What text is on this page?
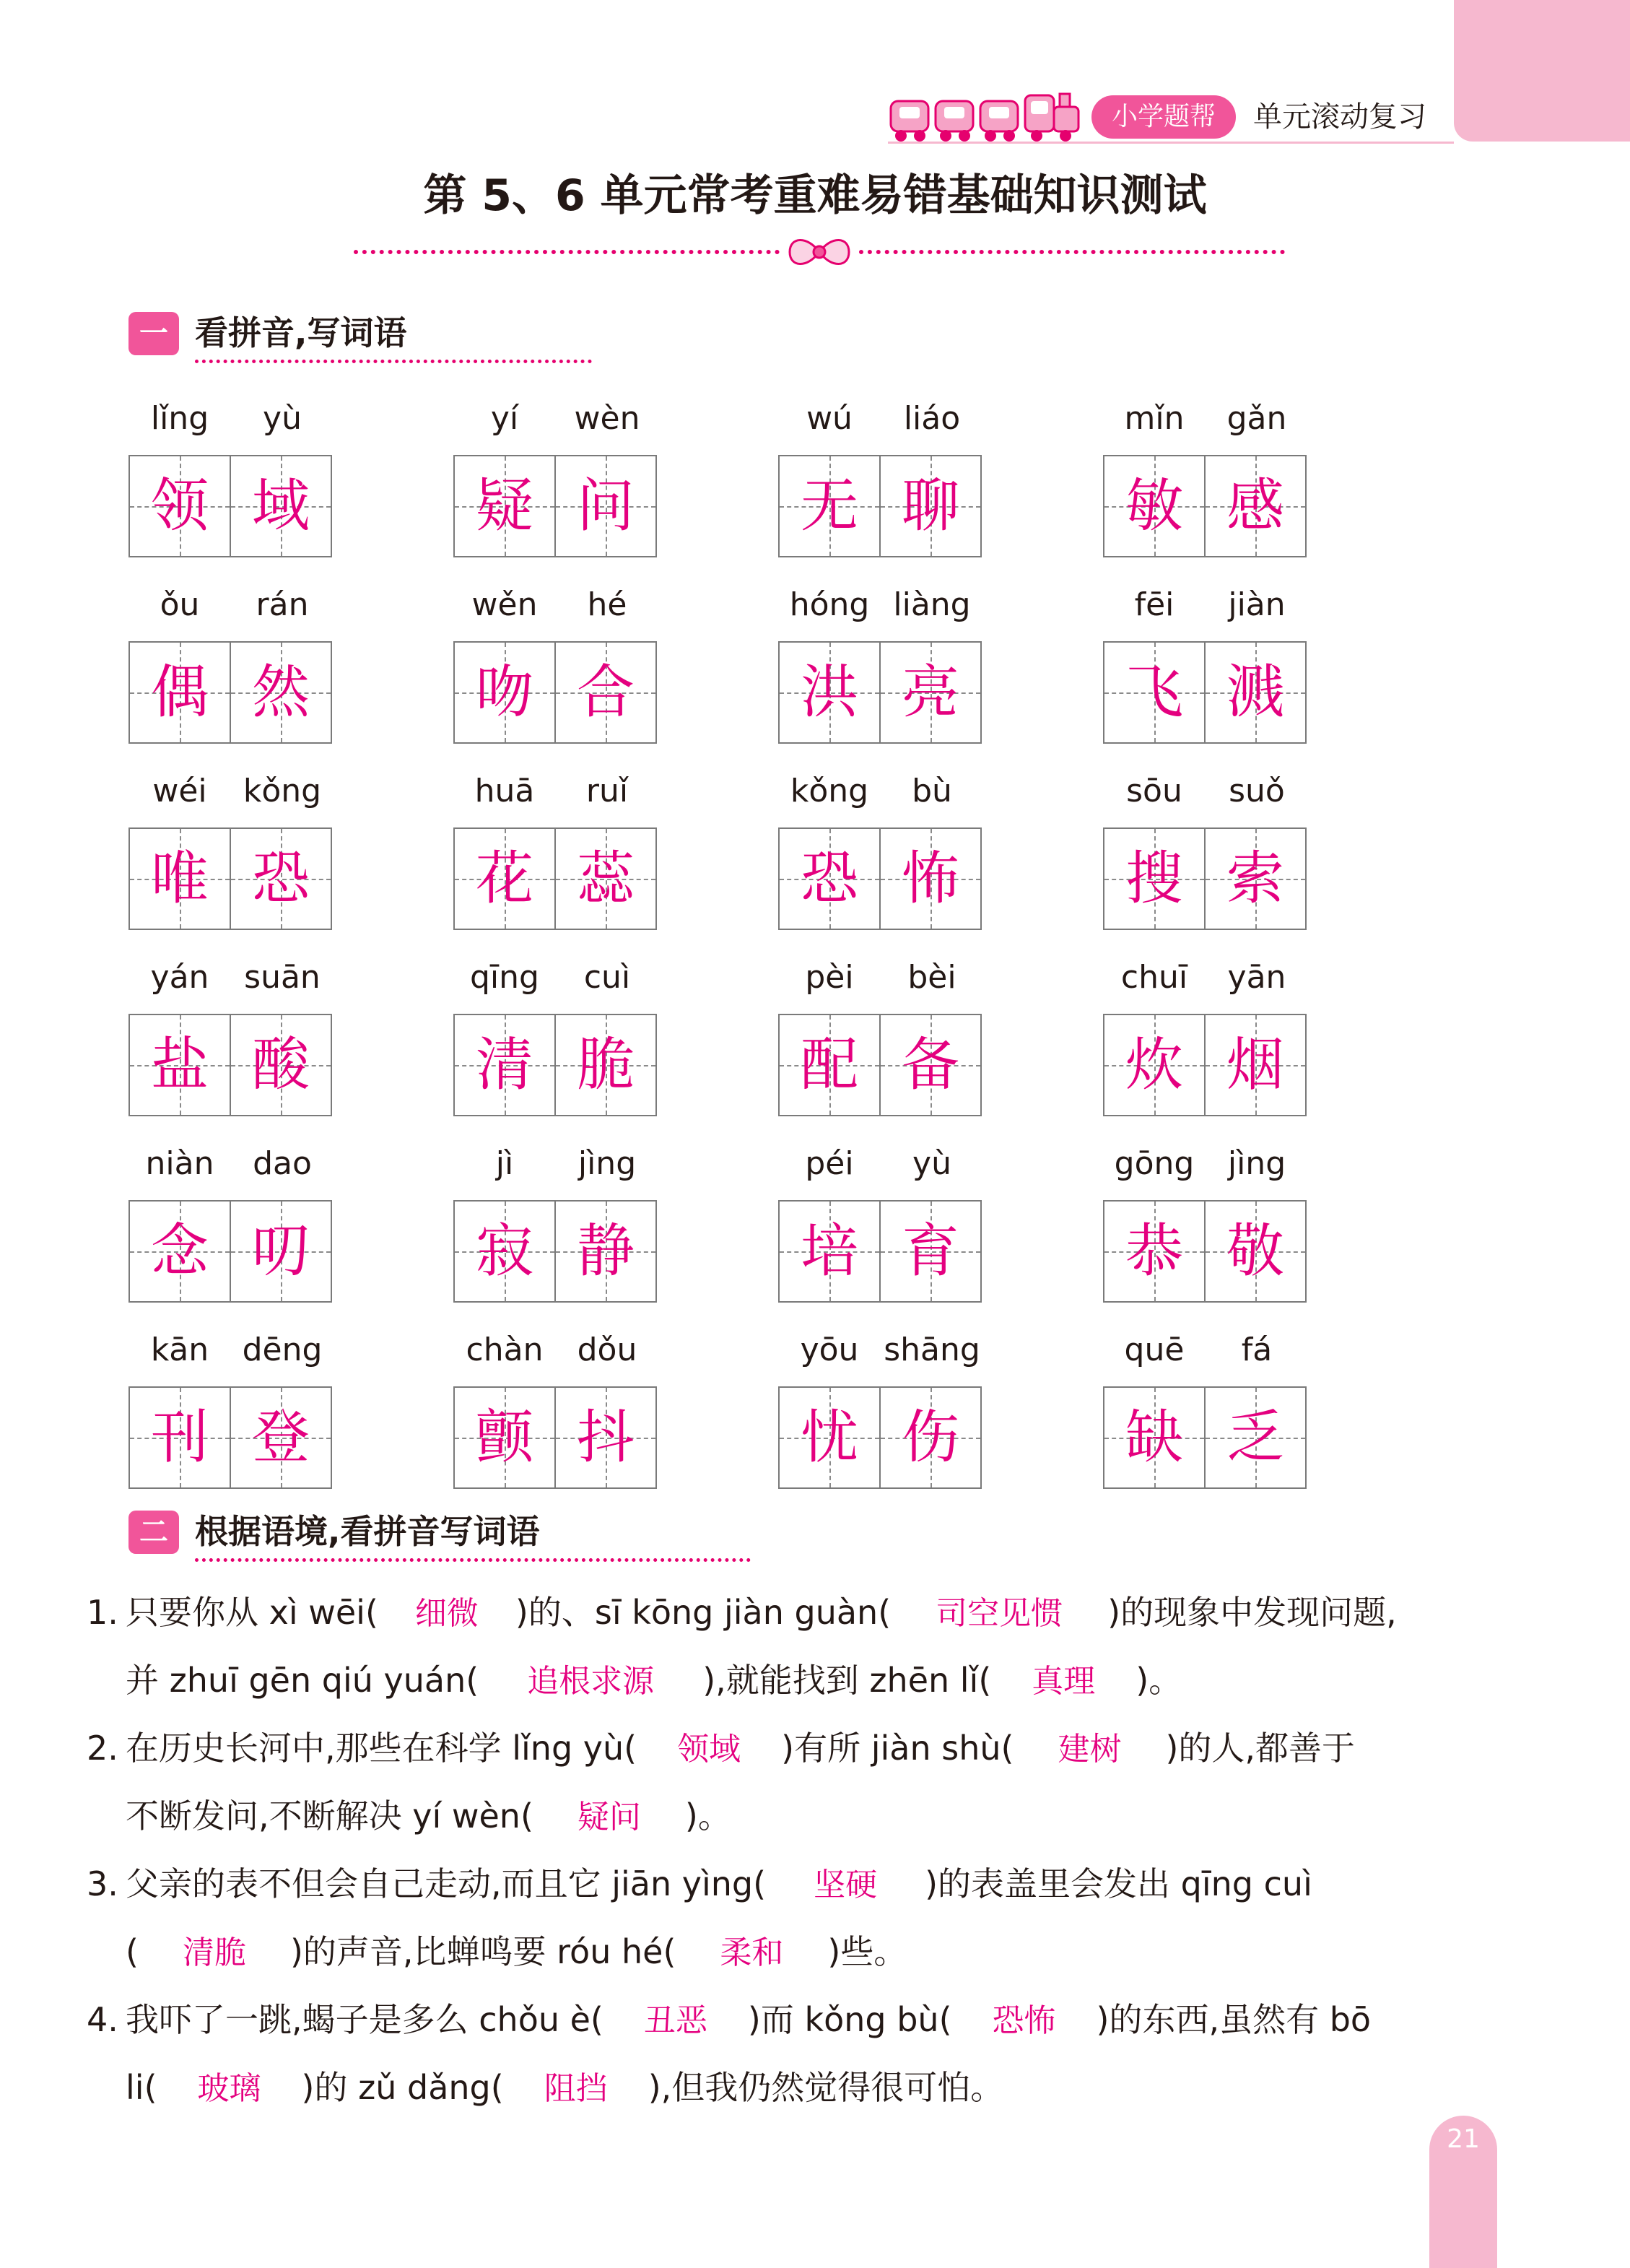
小学题帮	单元滚动复习
第 5、6 单元常考重难易错基础知识测试
一 看拼音,写词语
lǐng	yù
领 域
yí	wèn
疑 问
wú	liáo
无 聊
mǐn	gǎn
敏 感
ǒu	rán
偶 然
wěn	hé
吻 合
hóng liàng
洪 亮
fēi	jiàn
飞 溅
wéi	kǒng
唯 恐
huā	ruǐ
花 蕊
kǒng	bù
恐 怖
sōu	suǒ
搜 索
yán	suān
盐 酸
qīng	cuì
清 脆
pèi	bèi
配 备
chuī	yān
炊 烟
niàn	dao
念 叨
jì	jìng
寂 静
péi	yù
培 育
gōng	jìng
恭 敬
kān	dēng
刊 登
chàn	dǒu
颤 抖
yōu shāng
忧 伤
quē	fá
缺 乏
二 根据语境,看拼音写词语
1. 只要你从 xì wēi( 细微 )的、sī kōng jiàn guàn( 司空见惯 )的现象中发现问题,
并 zhuī gēn qiú yuán( 追根求源 ),就能找到 zhēn lǐ( 真理 )。
2. 在历史长河中,那些在科学 lǐng yù( 领域 )有所 jiàn shù( 建树 )的人,都善于
不断发问,不断解决 yí wèn( 疑问 )。
3. 父亲的表不但会自己走动,而且它 jiān yìng( 坚硬 )的表盖里会发出 qīng cuì
( 清脆 )的声音,比蝉鸣要 róu hé( 柔和 )些。
4. 我吓了一跳,蝎子是多么 chǒu è( 丑恶 )而 kǒng bù( 恐怖 )的东西,虽然有 bō
li( 玻璃 )的 zǔ dǎng( 阻挡 ),但我仍然觉得很可怕。
21
